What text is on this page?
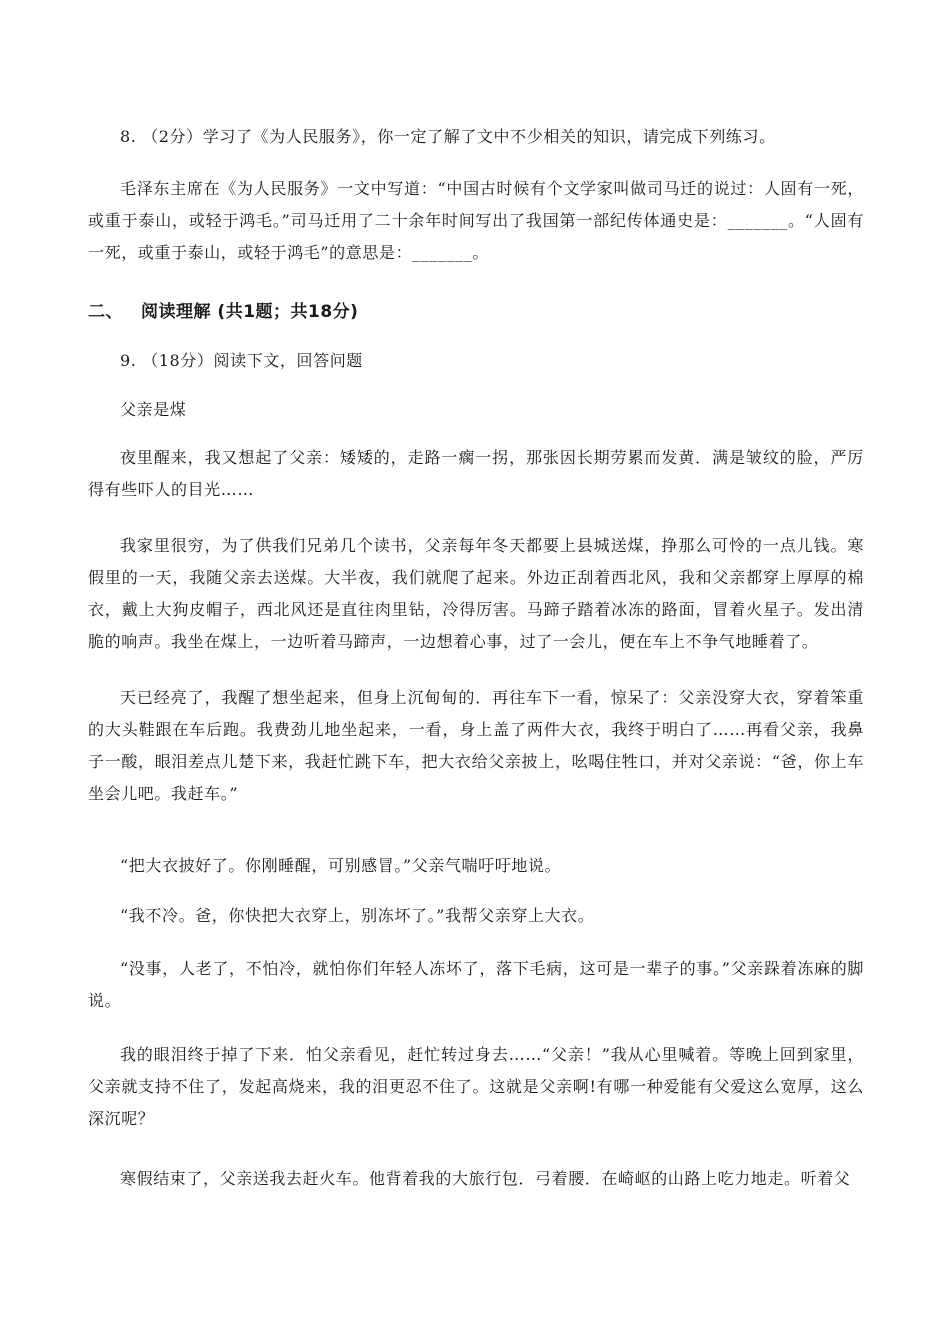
8. （2分）学习了《为人民服务》，你一定了解了文中不少相关的知识，请完成下列练习。

毛泽东主席在《为人民服务》一文中写道：“中国古时候有个文学家叫做司马迁的说过：人固有一死，或重于泰山，或轻于鸿毛。”司马迁用了二十余年时间写出了我国第一部纪传体通史是：_______。“人固有一死，或重于泰山，或轻于鸿毛”的意思是：_______。

二、 阅读理解 (共1题；共18分)

9. （18分）阅读下文，回答问题

父亲是煤

夜里醒来，我又想起了父亲：矮矮的，走路一瘸一拐，那张因长期劳累而发黄．满是皱纹的脸，严厉得有些吓人的目光……

我家里很穷，为了供我们兄弟几个读书，父亲每年冬天都要上县城送煤，挣那么可怜的一点儿钱。寒假里的一天，我随父亲去送煤。大半夜，我们就爬了起来。外边正刮着西北风，我和父亲都穿上厚厚的棉衣，戴上大狗皮帽子，西北风还是直往肉里钻，冷得厉害。马蹄子踏着冰冻的路面，冒着火星子。发出清脆的响声。我坐在煤上，一边听着马蹄声，一边想着心事，过了一会儿，便在车上不争气地睡着了。

天已经亮了，我醒了想坐起来，但身上沉甸甸的．再往车下一看，惊呆了：父亲没穿大衣，穿着笨重的大头鞋跟在车后跑。我费劲儿地坐起来，一看，身上盖了两件大衣，我终于明白了……再看父亲，我鼻子一酸，眼泪差点儿楚下来，我赶忙跳下车，把大衣给父亲披上，吆喝住牲口，并对父亲说：“爸，你上车坐会儿吧。我赶车。”

“把大衣披好了。你刚睡醒，可别感冒。”父亲气喘吁吁地说。

“我不冷。爸，你快把大衣穿上，别冻坏了。”我帮父亲穿上大衣。

“没事，人老了，不怕冷，就怕你们年轻人冻坏了，落下毛病，这可是一辈子的事。”父亲跺着冻麻的脚说。

我的眼泪终于掉了下来．怕父亲看见，赶忙转过身去……“父亲！”我从心里喊着。等晚上回到家里，父亲就支持不住了，发起高烧来，我的泪更忍不住了。这就是父亲啊!有哪一种爱能有父爱这么宽厚，这么深沉呢？

寒假结束了，父亲送我去赶火车。他背着我的大旅行包．弓着腰．在崎岖的山路上吃力地走。听着父
